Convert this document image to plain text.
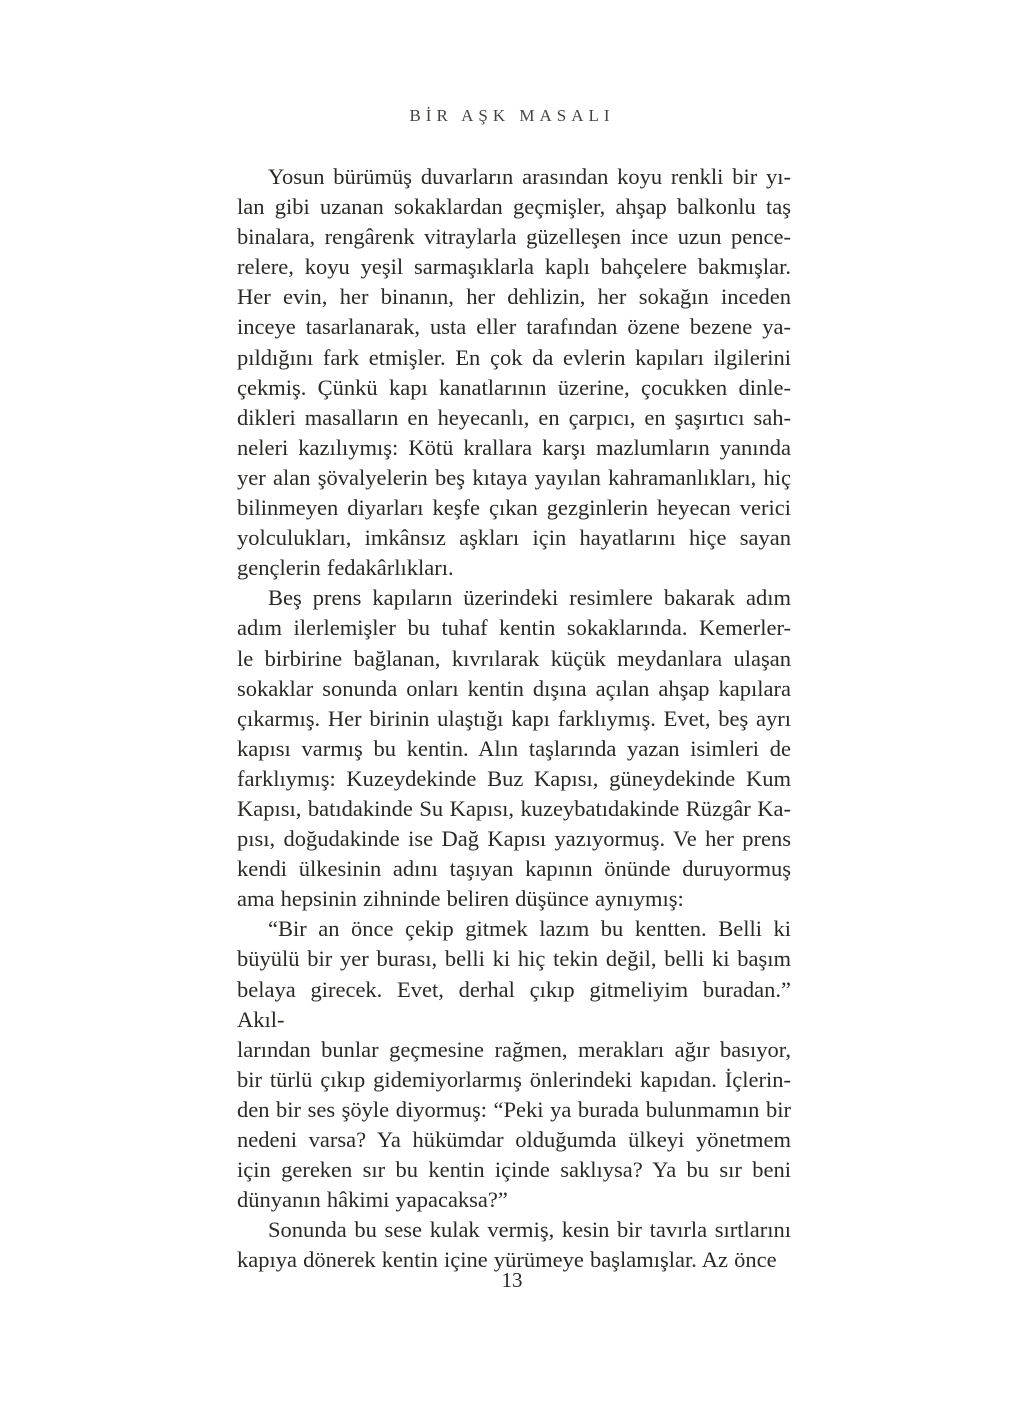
BİR AŞK MASALI
Yosun bürümüş duvarların arasından koyu renkli bir yı-
lan gibi uzanan sokaklardan geçmişler, ahşap balkonlu taş
binalara, rengârenk vitraylarla güzelleşen ince uzun pence-
relere, koyu yeşil sarmaşıklarla kaplı bahçelere bakmışlar.
Her evin, her binanın, her dehlizin, her sokağın inceden
inceye tasarlanarak, usta eller tarafından özene bezene ya-
pıldığını fark etmişler. En çok da evlerin kapıları ilgilerini
çekmiş. Çünkü kapı kanatlarının üzerine, çocukken dinle-
dikleri masalların en heyecanlı, en çarpıcı, en şaşırtıcı sah-
neleri kazılıymış: Kötü krallara karşı mazlumların yanında
yer alan şövalyelerin beş kıtaya yayılan kahramanlıkları, hiç
bilinmeyen diyarları keşfe çıkan gezginlerin heyecan verici
yolculukları, imkânsız aşkları için hayatlarını hiçe sayan
gençlerin fedakârlıkları.
Beş prens kapıların üzerindeki resimlere bakarak adım
adım ilerlemişler bu tuhaf kentin sokaklarında. Kemerler-
le birbirine bağlanan, kıvrılarak küçük meydanlara ulaşan
sokaklar sonunda onları kentin dışına açılan ahşap kapılara
çıkarmış. Her birinin ulaştığı kapı farklıymış. Evet, beş ayrı
kapısı varmış bu kentin. Alın taşlarında yazan isimleri de
farklıymış: Kuzeydekinde Buz Kapısı, güneydekinde Kum
Kapısı, batıdakinde Su Kapısı, kuzeybatıdakinde Rüzgâr Ka-
pısı, doğudakinde ise Dağ Kapısı yazıyormuş. Ve her prens
kendi ülkesinin adını taşıyan kapının önünde duruyormuş
ama hepsinin zihninde beliren düşünce aynıymış:
“Bir an önce çekip gitmek lazım bu kentten. Belli ki
büyülü bir yer burası, belli ki hiç tekin değil, belli ki başım
belaya girecek. Evet, derhal çıkıp gitmeliyim buradan.” Akıl-
larından bunlar geçmesine rağmen, merakları ağır basıyor,
bir türlü çıkıp gidemiyorlarmış önlerindeki kapıdan. İçlerin-
den bir ses şöyle diyormuş: “Peki ya burada bulunmamın bir
nedeni varsa? Ya hükümdar olduğumda ülkeyi yönetmem
için gereken sır bu kentin içinde saklıysa? Ya bu sır beni
dünyanın hâkimi yapacaksa?”
Sonunda bu sese kulak vermiş, kesin bir tavırla sırtlarını
kapıya dönerek kentin içine yürümeye başlamışlar. Az önce
13
